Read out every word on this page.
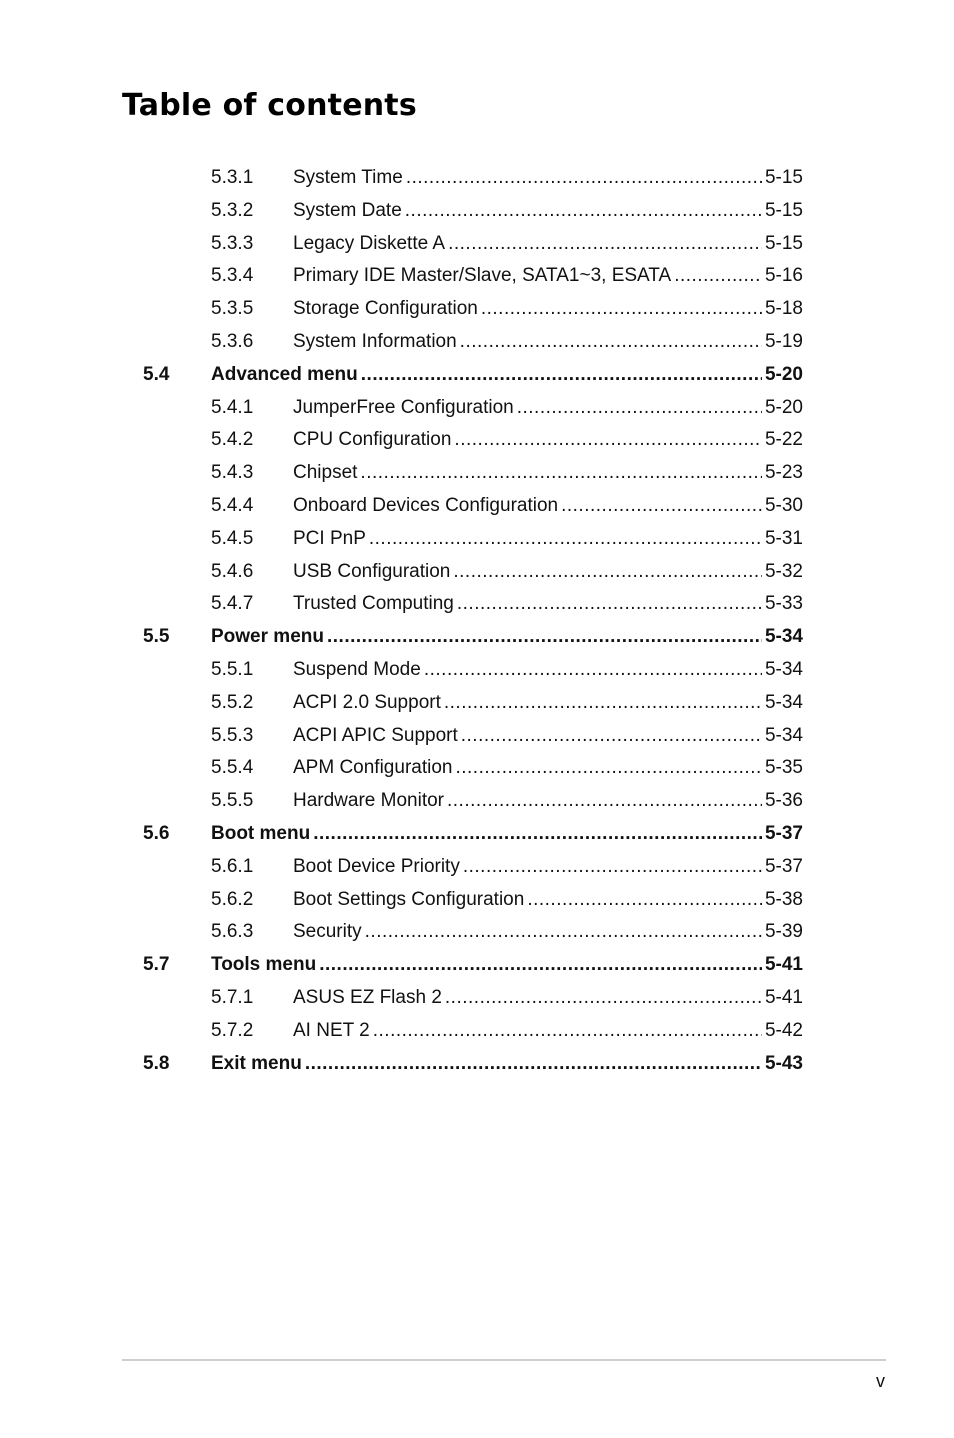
Table of contents
5.3.1 System Time .....	5-15
5.3.2 System Date .....	5-15
5.3.3 Legacy Diskette A .....	5-15
5.3.4 Primary IDE Master/Slave, SATA1~3, ESATA .....	5-16
5.3.5 Storage Configuration .....	5-18
5.3.6 System Information .....	5-19
5.4 Advanced menu .....	5-20
5.4.1 JumperFree Configuration .....	5-20
5.4.2 CPU Configuration .....	5-22
5.4.3 Chipset .....	5-23
5.4.4 Onboard Devices Configuration .....	5-30
5.4.5 PCI PnP .....	5-31
5.4.6 USB Configuration .....	5-32
5.4.7 Trusted Computing .....	5-33
5.5 Power menu .....	5-34
5.5.1 Suspend Mode .....	5-34
5.5.2 ACPI 2.0 Support .....	5-34
5.5.3 ACPI APIC Support .....	5-34
5.5.4 APM Configuration .....	5-35
5.5.5 Hardware Monitor .....	5-36
5.6 Boot menu .....	5-37
5.6.1 Boot Device Priority .....	5-37
5.6.2 Boot Settings Configuration .....	5-38
5.6.3 Security .....	5-39
5.7 Tools menu .....	5-41
5.7.1 ASUS EZ Flash 2 .....	5-41
5.7.2 AI NET 2 .....	5-42
5.8 Exit menu .....	5-43
v
